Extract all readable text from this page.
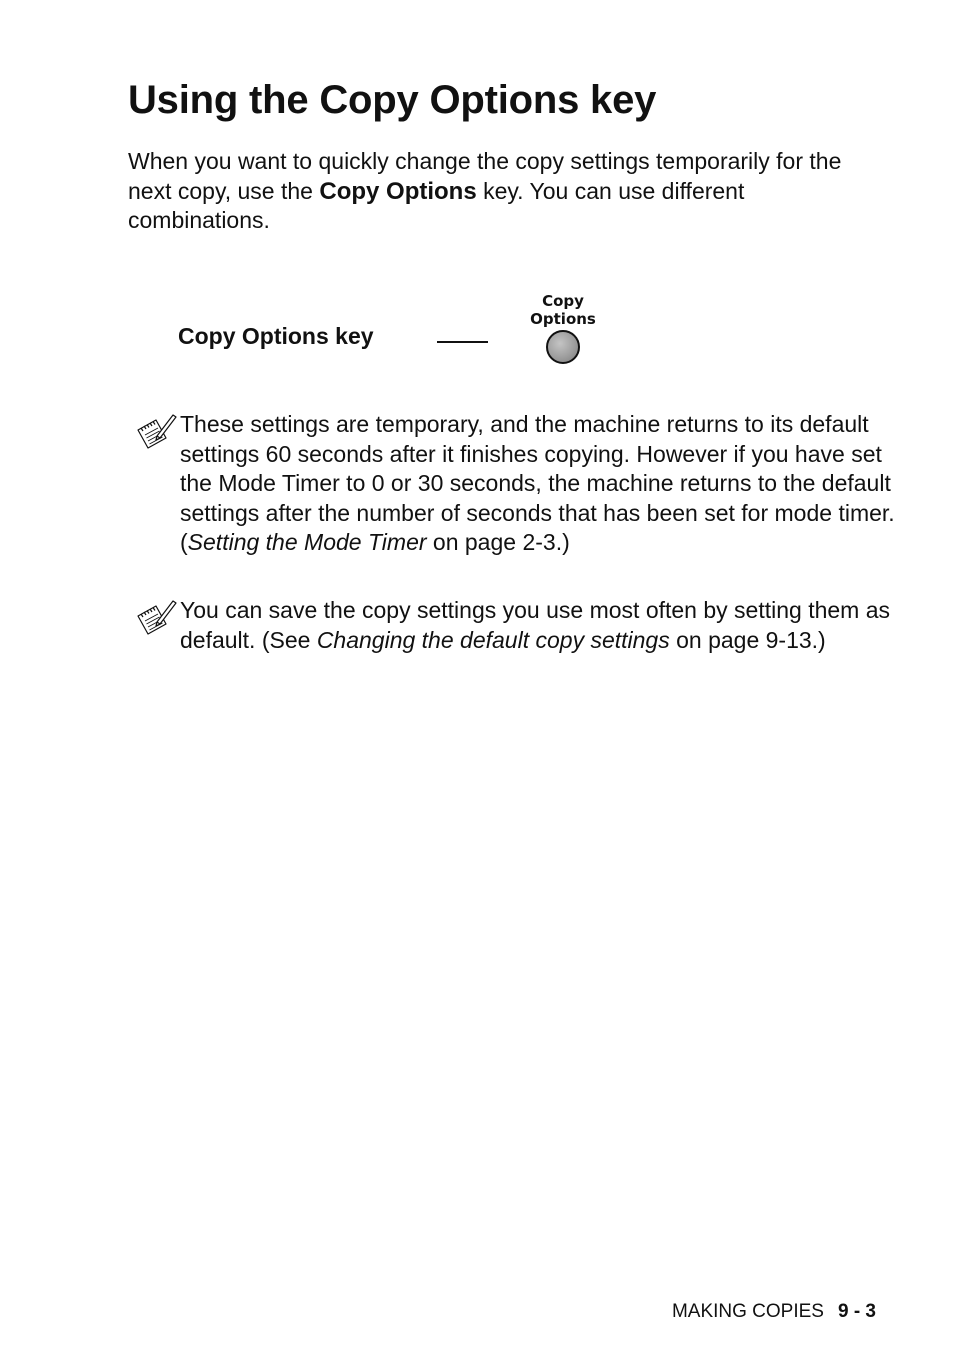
Using the Copy Options key

When you want to quickly change the copy settings temporarily for the next copy, use the Copy Options key. You can use different combinations.

Copy Options key
Copy
Options

These settings are temporary, and the machine returns to its default settings 60 seconds after it finishes copying. However if you have set the Mode Timer to 0 or 30 seconds, the machine returns to the default settings after the number of seconds that has been set for mode timer. (Setting the Mode Timer on page 2-3.)

You can save the copy settings you use most often by setting them as default. (See Changing the default copy settings on page 9-13.)

MAKING COPIES 9 - 3
